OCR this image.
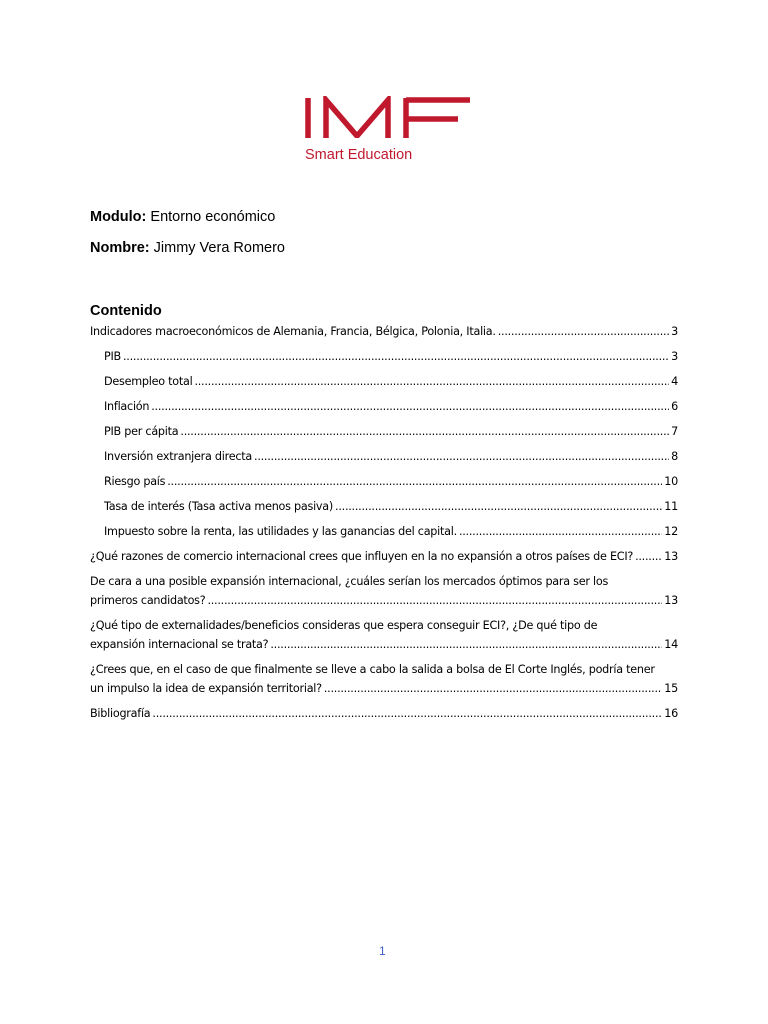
Smart Education
Modulo: Entorno económico
Nombre: Jimmy Vera Romero
Contenido
Indicadores macroeconómicos de Alemania, Francia, Bélgica, Polonia, Italia. .....	3
PIB .....	3
Desempleo total .....	4
Inflación .....	6
PIB per cápita .....	7
Inversión extranjera directa .....	8
Riesgo país .....	10
Tasa de interés (Tasa activa menos pasiva) .....	11
Impuesto sobre la renta, las utilidades y las ganancias del capital. .....	12
¿Qué razones de comercio internacional crees que influyen en la no expansión a otros países de ECI? .....	13
De cara a una posible expansión internacional, ¿cuáles serían los mercados óptimos para ser los
primeros candidatos? .....	13
¿Qué tipo de externalidades/beneficios consideras que espera conseguir ECI?, ¿De qué tipo de
expansión internacional se trata? .....	14
¿Crees que, en el caso de que finalmente se lleve a cabo la salida a bolsa de El Corte Inglés, podría tener
un impulso la idea de expansión territorial? .....	15
Bibliografía .....	16
1
